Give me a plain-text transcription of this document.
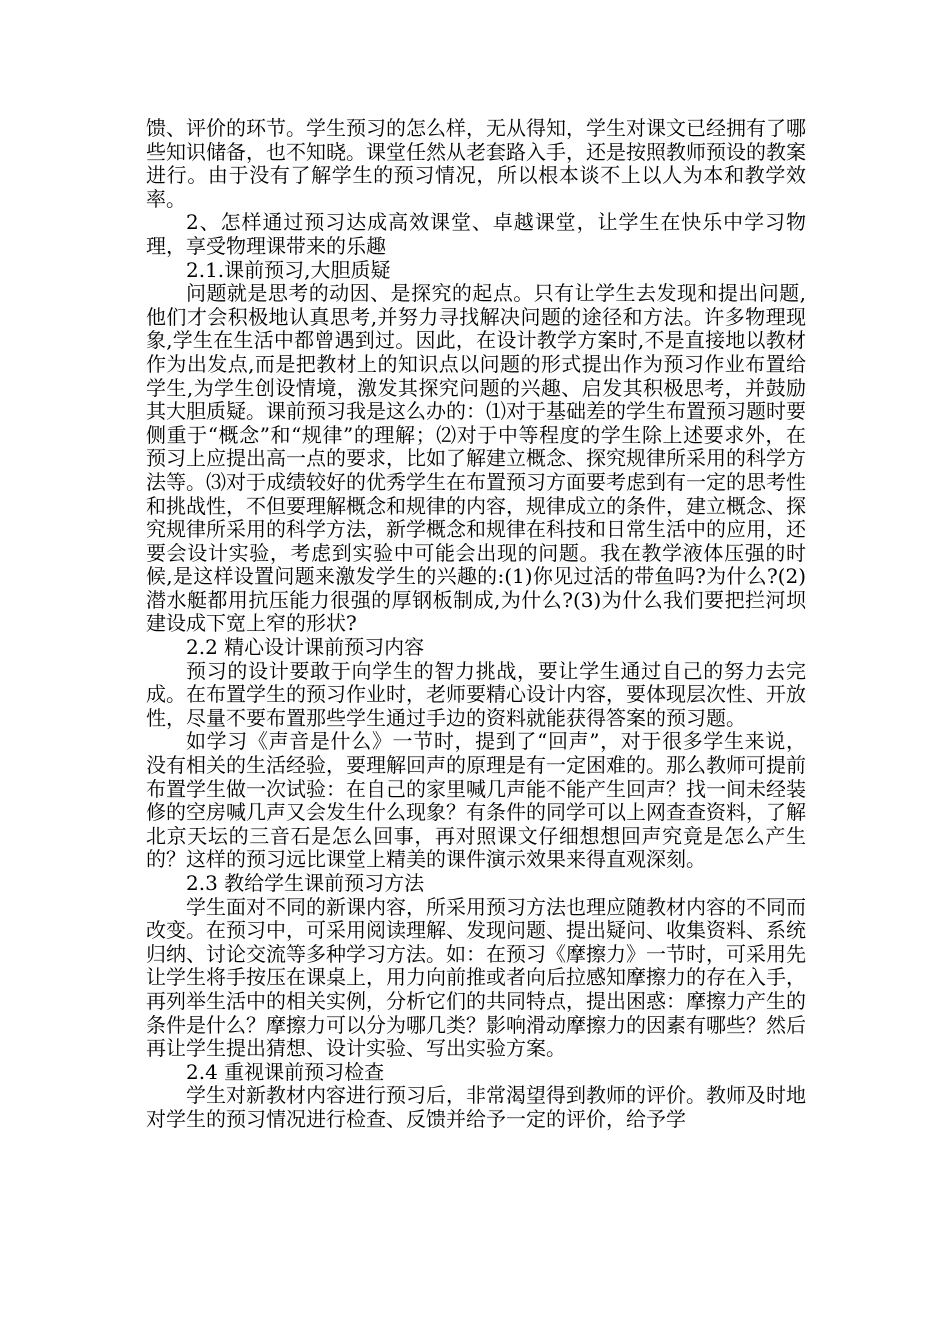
馈、评价的环节。学生预习的怎么样，无从得知，学生对课文已经拥有了哪些知识储备，也不知晓。课堂任然从老套路入手，还是按照教师预设的教案进行。由于没有了解学生的预习情况，所以根本谈不上以人为本和教学效率。

2、怎样通过预习达成高效课堂、卓越课堂，让学生在快乐中学习物理，享受物理课带来的乐趣

2.1.课前预习,大胆质疑

问题就是思考的动因、是探究的起点。只有让学生去发现和提出问题,他们才会积极地认真思考,并努力寻找解决问题的途径和方法。许多物理现象,学生在生活中都曾遇到过。因此，在设计教学方案时,不是直接地以教材作为出发点,而是把教材上的知识点以问题的形式提出作为预习作业布置给学生,为学生创设情境，激发其探究问题的兴趣、启发其积极思考，并鼓励其大胆质疑。课前预习我是这么办的：⑴对于基础差的学生布置预习题时要侧重于“概念”和“规律”的理解；⑵对于中等程度的学生除上述要求外，在预习上应提出高一点的要求，比如了解建立概念、探究规律所采用的科学方法等。⑶对于成绩较好的优秀学生在布置预习方面要考虑到有一定的思考性和挑战性，不但要理解概念和规律的内容，规律成立的条件，建立概念、探究规律所采用的科学方法，新学概念和规律在科技和日常生活中的应用，还要会设计实验，考虑到实验中可能会出现的问题。我在教学液体压强的时候,是这样设置问题来激发学生的兴趣的:(1)你见过活的带鱼吗?为什么?(2)潜水艇都用抗压能力很强的厚钢板制成,为什么?(3)为什么我们要把拦河坝建设成下宽上窄的形状?

2.2 精心设计课前预习内容

预习的设计要敢于向学生的智力挑战，要让学生通过自己的努力去完成。在布置学生的预习作业时，老师要精心设计内容，要体现层次性、开放性，尽量不要布置那些学生通过手边的资料就能获得答案的预习题。

如学习《声音是什么》一节时，提到了“回声”，对于很多学生来说，没有相关的生活经验，要理解回声的原理是有一定困难的。那么教师可提前布置学生做一次试验：在自己的家里喊几声能不能产生回声？找一间未经装修的空房喊几声又会发生什么现象？有条件的同学可以上网查查资料，了解北京天坛的三音石是怎么回事，再对照课文仔细想想回声究竟是怎么产生的？这样的预习远比课堂上精美的课件演示效果来得直观深刻。

2.3 教给学生课前预习方法

学生面对不同的新课内容，所采用预习方法也理应随教材内容的不同而改变。在预习中，可采用阅读理解、发现问题、提出疑问、收集资料、系统归纳、讨论交流等多种学习方法。如：在预习《摩擦力》一节时，可采用先让学生将手按压在课桌上，用力向前推或者向后拉感知摩擦力的存在入手，再列举生活中的相关实例，分析它们的共同特点，提出困惑：摩擦力产生的条件是什么？摩擦力可以分为哪几类？影响滑动摩擦力的因素有哪些？然后再让学生提出猜想、设计实验、写出实验方案。

2.4 重视课前预习检查

学生对新教材内容进行预习后，非常渴望得到教师的评价。教师及时地对学生的预习情况进行检查、反馈并给予一定的评价，给予学
